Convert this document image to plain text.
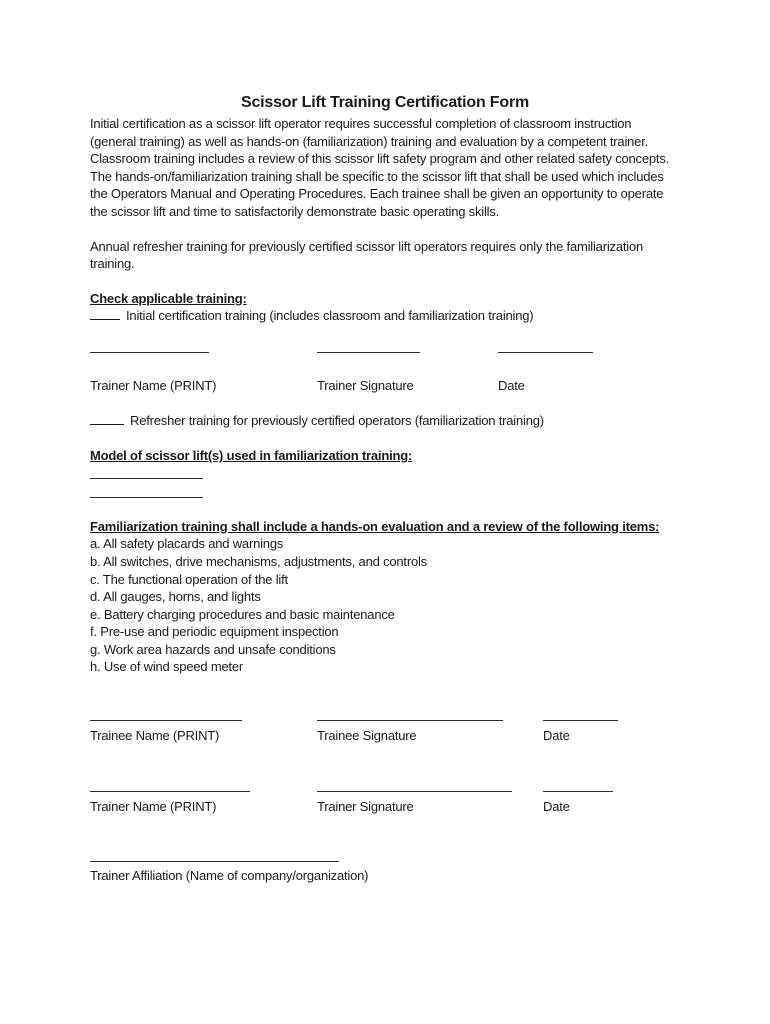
Scissor Lift Training Certification Form
Initial certification as a scissor lift operator requires successful completion of classroom instruction
(general training) as well as hands-on (familiarization) training and evaluation by a competent trainer.
Classroom training includes a review of this scissor lift safety program and other related safety concepts.
The hands-on/familiarization training shall be specific to the scissor lift that shall be used which includes
the Operators Manual and Operating Procedures. Each trainee shall be given an opportunity to operate
the scissor lift and time to satisfactorily demonstrate basic operating skills.
Annual refresher training for previously certified scissor lift operators requires only the familiarization
training.
Check applicable training:
Initial certification training (includes classroom and familiarization training)
Trainer Name (PRINT)	Trainer Signature	Date
Refresher training for previously certified operators (familiarization training)
Model of scissor lift(s) used in familiarization training:
Familiarization training shall include a hands-on evaluation and a review of the following items:
a. All safety placards and warnings
b. All switches, drive mechanisms, adjustments, and controls
c. The functional operation of the lift
d. All gauges, horns, and lights
e. Battery charging procedures and basic maintenance
f. Pre-use and periodic equipment inspection
g. Work area hazards and unsafe conditions
h. Use of wind speed meter
Trainee Name (PRINT)	Trainee Signature	Date
Trainer Name (PRINT)	Trainer Signature	Date
Trainer Affiliation (Name of company/organization)
